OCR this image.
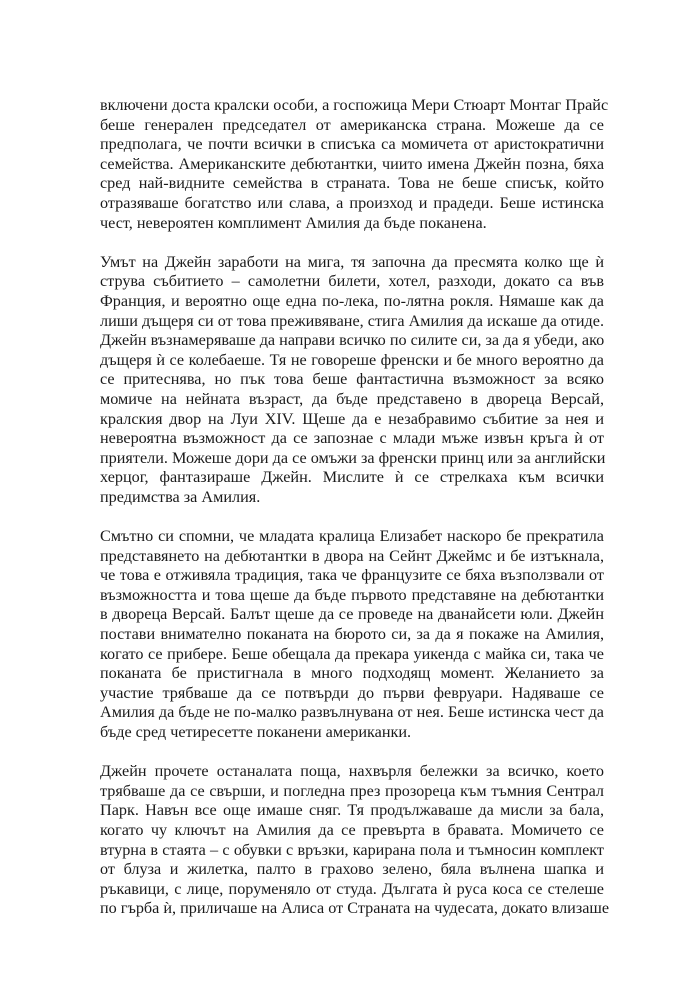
включени доста кралски особи, а госпожица Мери Стюарт Монтаг Прайс
беше генерален председател от американска страна. Можеше да се
предполага, че почти всички в списъка са момичета от аристократични
семейства. Американските дебютантки, чиито имена Джейн позна, бяха
сред най-видните семейства в страната. Това не беше списък, който
отразяваше богатство или слава, а произход и прадеди. Беше истинска
чест, невероятен комплимент Амилия да бъде поканена.
Умът на Джейн заработи на мига, тя започна да пресмята колко ще ѝ
струва събитието – самолетни билети, хотел, разходи, докато са във
Франция, и вероятно още една по-лека, по-лятна рокля. Нямаше как да
лиши дъщеря си от това преживяване, стига Амилия да искаше да отиде.
Джейн възнамеряваше да направи всичко по силите си, за да я убеди, ако
дъщеря ѝ се колебаеше. Тя не говореше френски и бе много вероятно да
се притеснява, но пък това беше фантастична възможност за всяко
момиче на нейната възраст, да бъде представено в двореца Версай,
кралския двор на Луи XIV. Щеше да е незабравимо събитие за нея и
невероятна възможност да се запознае с млади мъже извън кръга ѝ от
приятели. Можеше дори да се омъжи за френски принц или за английски
херцог, фантазираше Джейн. Мислите ѝ се стрелкаха към всички
предимства за Амилия.
Смътно си спомни, че младата кралица Елизабет наскоро бе прекратила
представянето на дебютантки в двора на Сейнт Джеймс и бе изтъкнала,
че това е отживяла традиция, така че французите се бяха възползвали от
възможността и това щеше да бъде първото представяне на дебютантки
в двореца Версай. Балът щеше да се проведе на дванайсети юли. Джейн
постави внимателно поканата на бюрото си, за да я покаже на Амилия,
когато се прибере. Беше обещала да прекара уикенда с майка си, така че
поканата бе пристигнала в много подходящ момент. Желанието за
участие трябваше да се потвърди до първи февруари. Надяваше се
Амилия да бъде не по-малко развълнувана от нея. Беше истинска чест да
бъде сред четиресетте поканени американки.
Джейн прочете останалата поща, нахвърля бележки за всичко, което
трябваше да се свърши, и погледна през прозореца към тъмния Сентрал
Парк. Навън все още имаше сняг. Тя продължаваше да мисли за бала,
когато чу ключът на Амилия да се превърта в бравата. Момичето се
втурна в стаята – с обувки с връзки, карирана пола и тъмносин комплект
от блуза и жилетка, палто в грахово зелено, бяла вълнена шапка и
ръкавици, с лице, поруменяло от студа. Дългата ѝ руса коса се стелеше
по гърба ѝ, приличаше на Алиса от Страната на чудесата, докато влизаше
